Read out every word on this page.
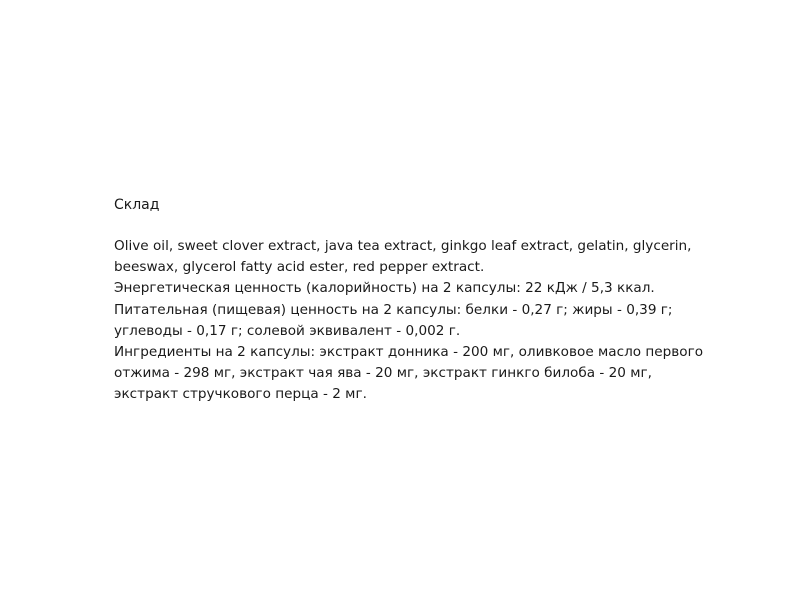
Склад

Olive oil, sweet clover extract, java tea extract, ginkgo leaf extract, gelatin, glycerin, beeswax, glycerol fatty acid ester, red pepper extract.

Энергетическая ценность (калорийность) на 2 капсулы: 22 кДж / 5,3 ккал.

Питательная (пищевая) ценность на 2 капсулы: белки - 0,27 г; жиры - 0,39 г; углеводы - 0,17 г; солевой эквивалент - 0,002 г.

Ингредиенты на 2 капсулы: экстракт донника - 200 мг, оливковое масло первого отжима - 298 мг, экстракт чая ява - 20 мг, экстракт гинкго билоба - 20 мг, экстракт стручкового перца - 2 мг.
